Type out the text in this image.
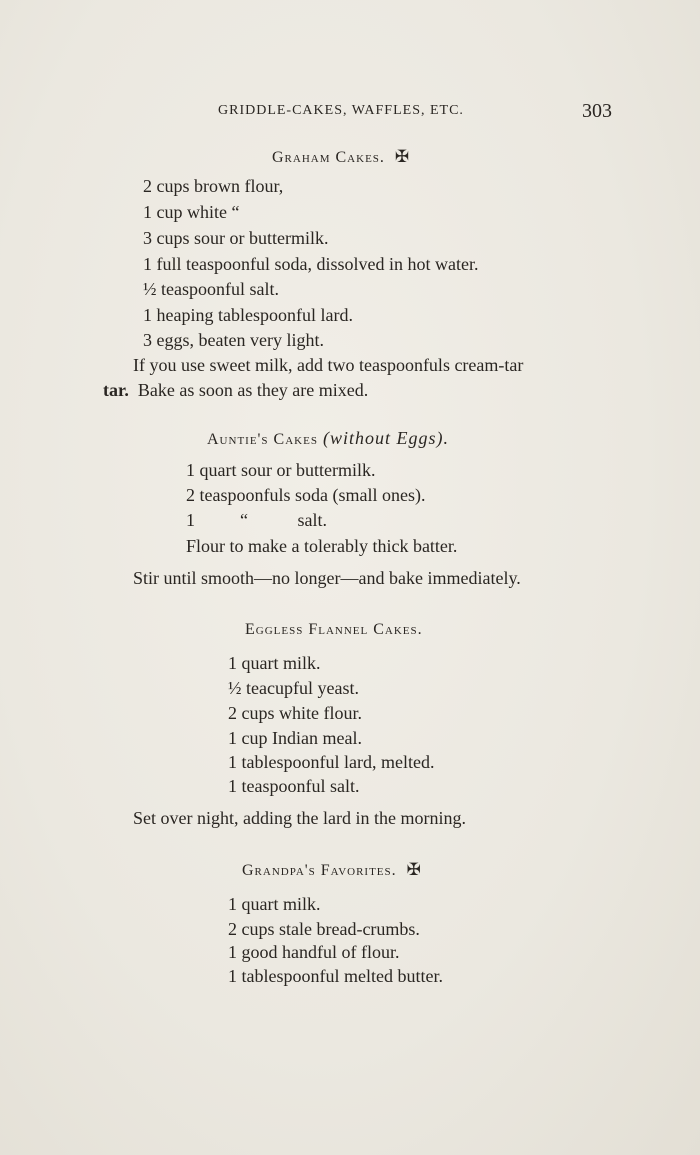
GRIDDLE-CAKES, WAFFLES, ETC.	303
Graham Cakes. ✠
2 cups brown flour,
1 cup white “
3 cups sour or buttermilk.
1 full teaspoonful soda, dissolved in hot water.
½ teaspoonful salt.
1 heaping tablespoonful lard.
3 eggs, beaten very light.
If you use sweet milk, add two teaspoonfuls cream-tar
tar. Bake as soon as they are mixed.
Auntie's Cakes (without Eggs).
1 quart sour or buttermilk.
2 teaspoonfuls soda (small ones).
1          “           salt.
Flour to make a tolerably thick batter.
Stir until smooth—no longer—and bake immediately.
Eggless Flannel Cakes.
1 quart milk.
½ teacupful yeast.
2 cups white flour.
1 cup Indian meal.
1 tablespoonful lard, melted.
1 teaspoonful salt.
Set over night, adding the lard in the morning.
Grandpa's Favorites. ✠
1 quart milk.
2 cups stale bread-crumbs.
1 good handful of flour.
1 tablespoonful melted butter.
